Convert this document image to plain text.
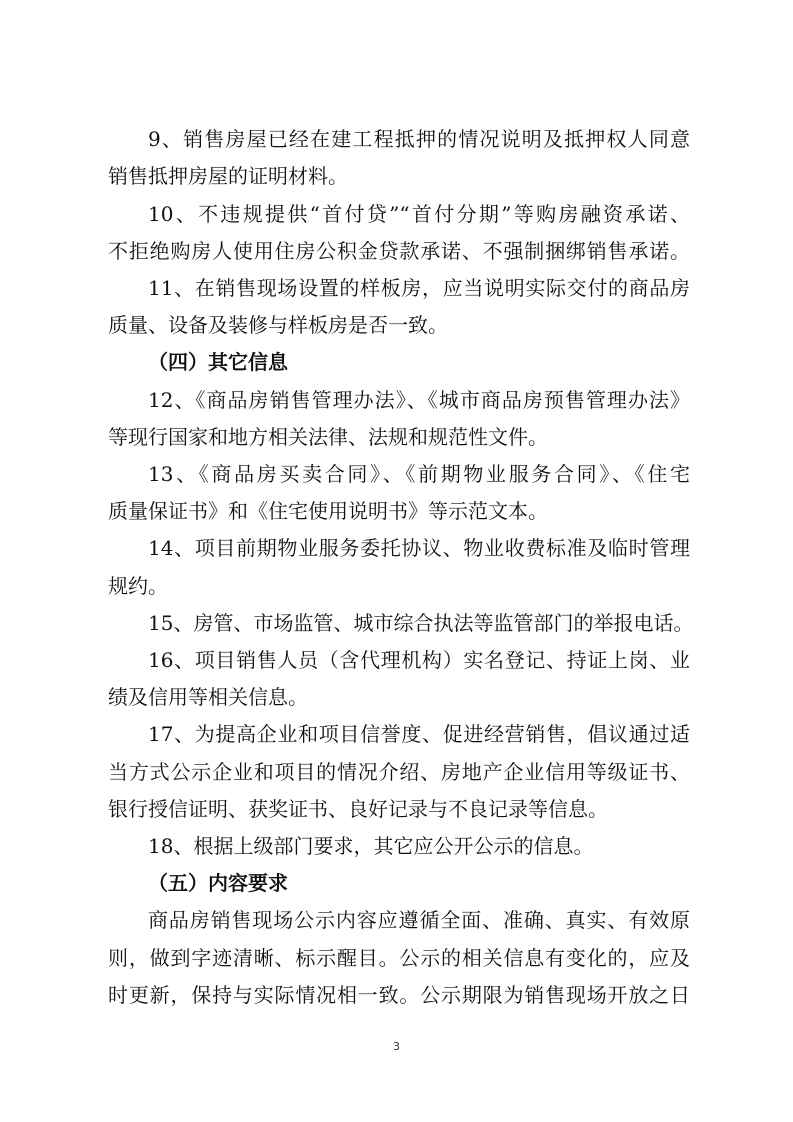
9、销售房屋已经在建工程抵押的情况说明及抵押权人同意
销售抵押房屋的证明材料。
10、不违规提供“首付贷”“首付分期”等购房融资承诺、
不拒绝购房人使用住房公积金贷款承诺、不强制捆绑销售承诺。
11、在销售现场设置的样板房，应当说明实际交付的商品房
质量、设备及装修与样板房是否一致。
（四）其它信息
12、《商品房销售管理办法》、《城市商品房预售管理办法》
等现行国家和地方相关法律、法规和规范性文件。
13、《商品房买卖合同》、《前期物业服务合同》、《住宅
质量保证书》和《住宅使用说明书》等示范文本。
14、项目前期物业服务委托协议、物业收费标准及临时管理
规约。
15、房管、市场监管、城市综合执法等监管部门的举报电话。
16、项目销售人员（含代理机构）实名登记、持证上岗、业
绩及信用等相关信息。
17、为提高企业和项目信誉度、促进经营销售，倡议通过适
当方式公示企业和项目的情况介绍、房地产企业信用等级证书、
银行授信证明、获奖证书、良好记录与不良记录等信息。
18、根据上级部门要求，其它应公开公示的信息。
（五）内容要求
商品房销售现场公示内容应遵循全面、准确、真实、有效原
则，做到字迹清晰、标示醒目。公示的相关信息有变化的，应及
时更新，保持与实际情况相一致。公示期限为销售现场开放之日
3
